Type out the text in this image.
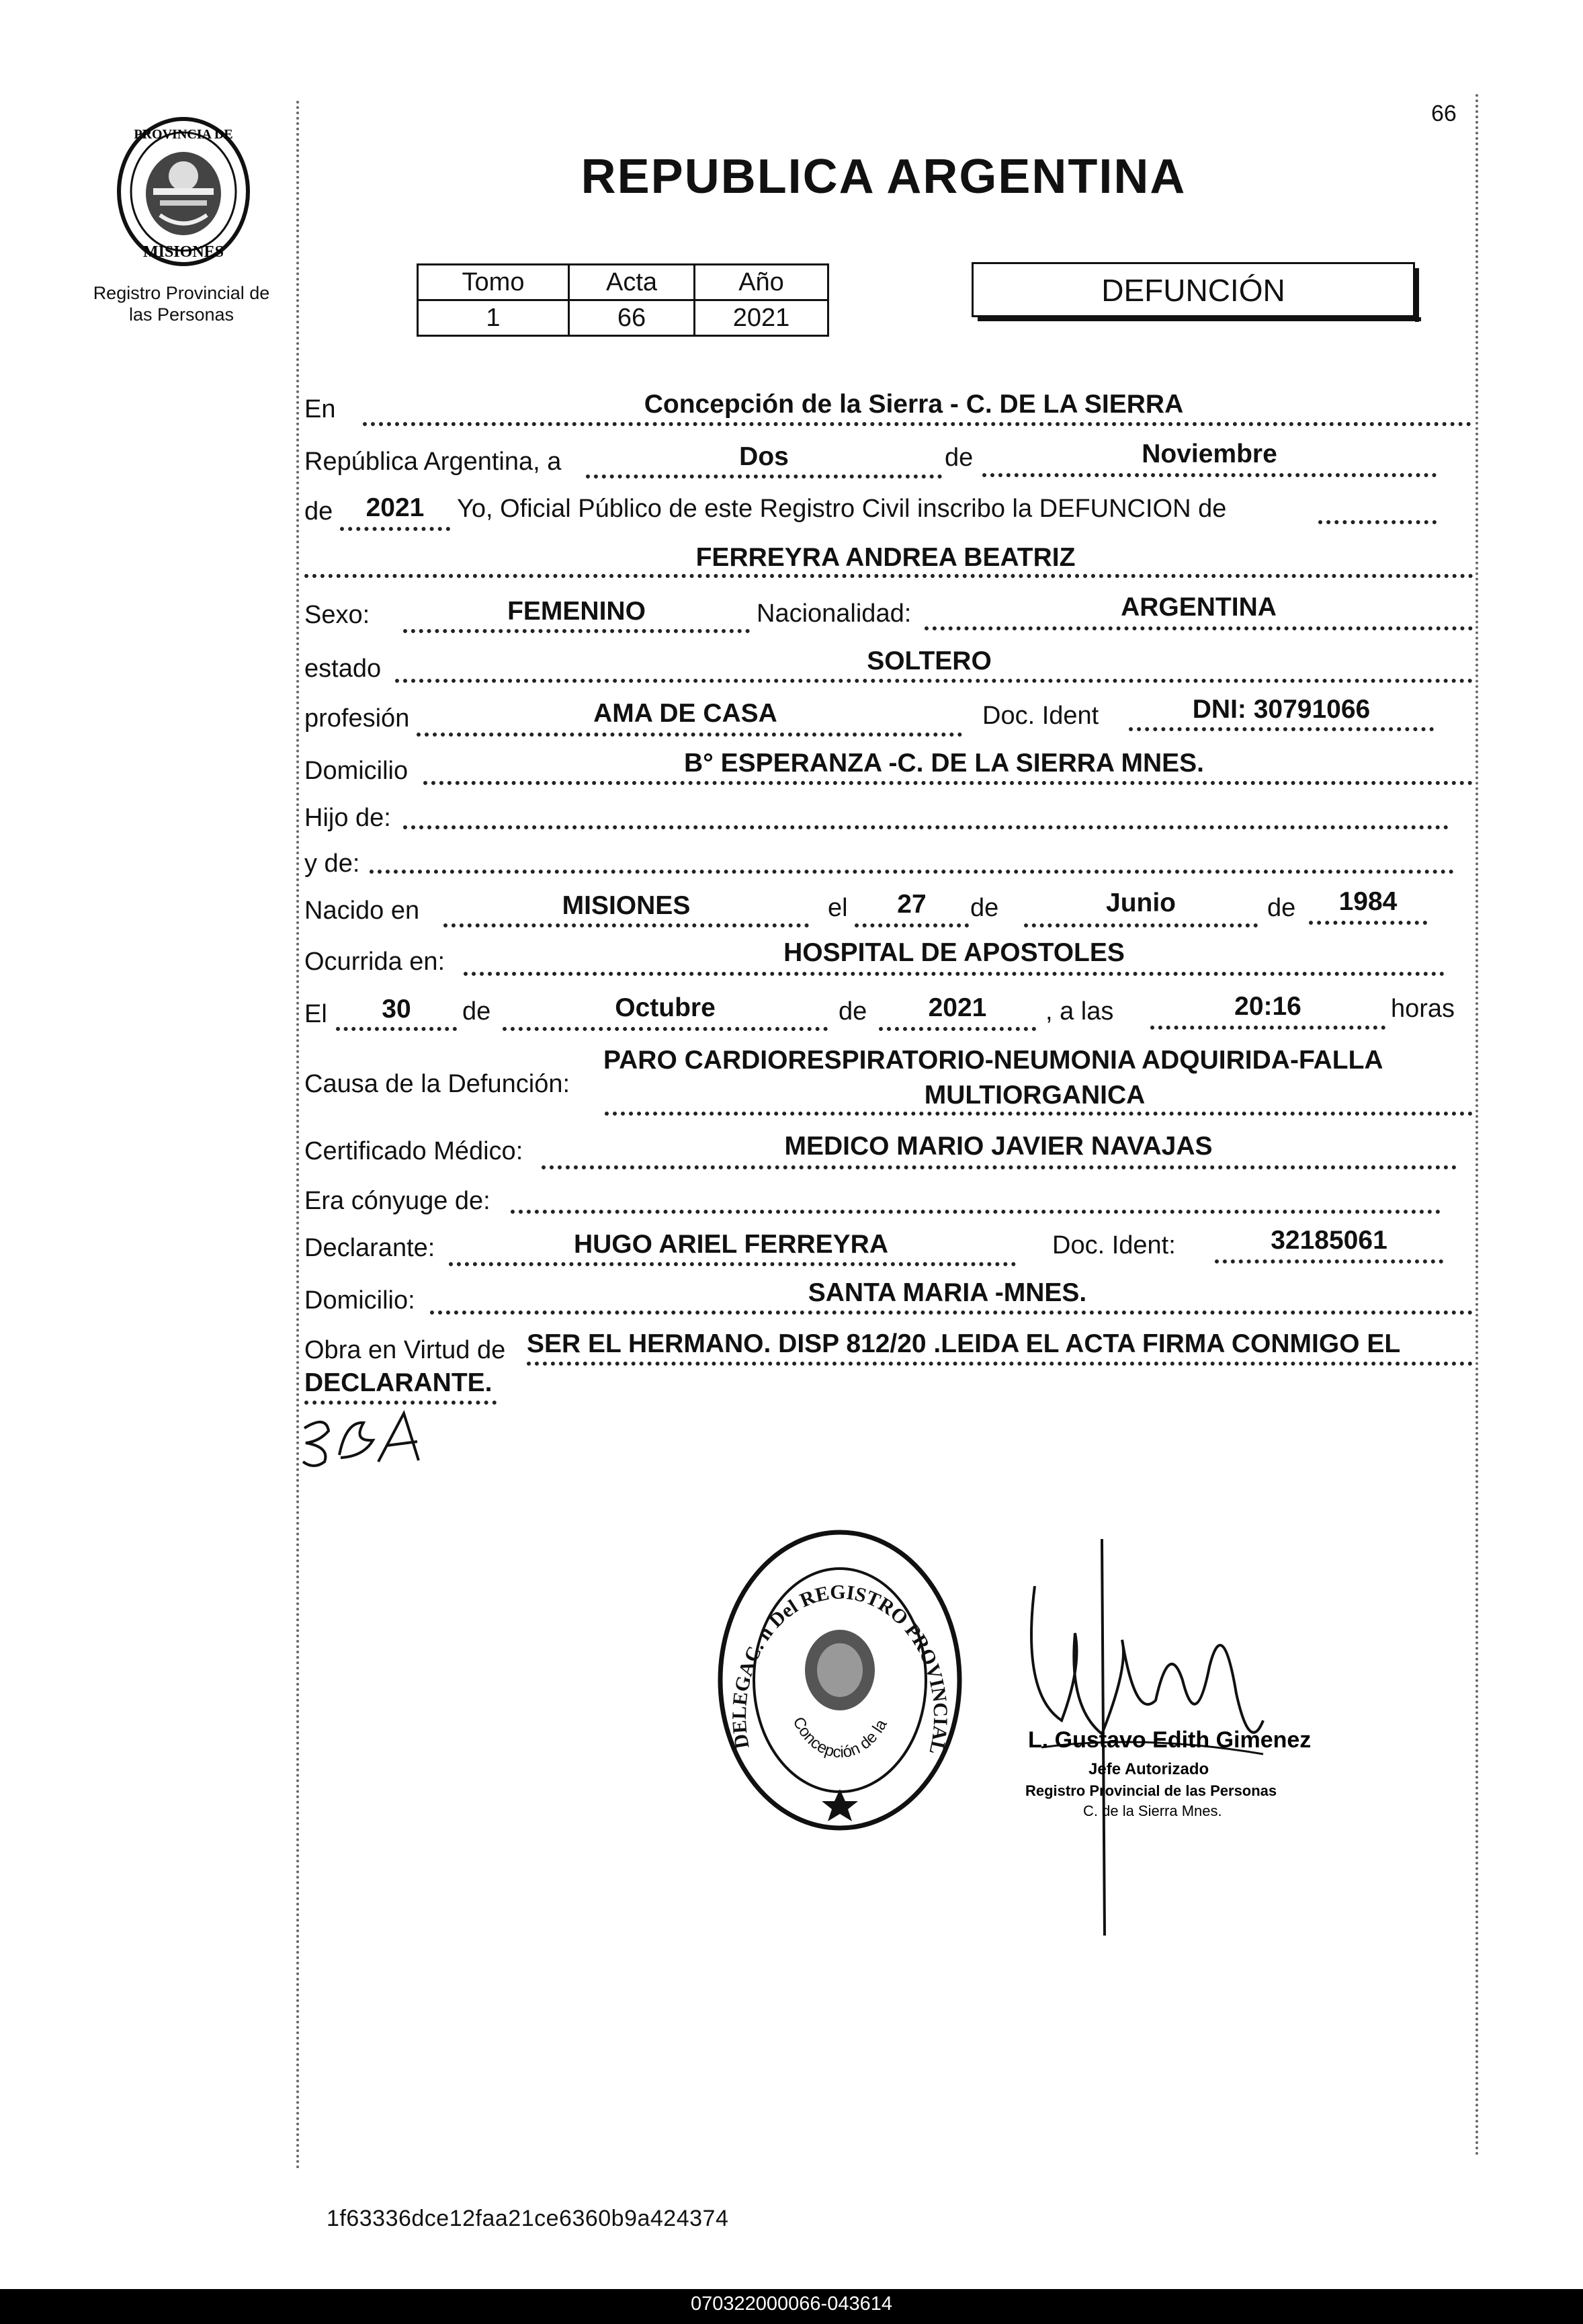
PROVINCIA DE
MISIONES
Registro Provincial de
las Personas
66
REPUBLICA ARGENTINA
Tomo	Acta	Año
1	66	2021
DEFUNCIÓN
En	Concepción de la Sierra - C. DE LA SIERRA
República Argentina, a	Dos	de	Noviembre
de	2021	Yo, Oficial Público de este Registro Civil inscribo la DEFUNCION de
FERREYRA ANDREA BEATRIZ
Sexo:	FEMENINO	Nacionalidad:	ARGENTINA
estado	SOLTERO
profesión	AMA DE CASA	Doc. Ident	DNI: 30791066
Domicilio	B° ESPERANZA -C. DE LA SIERRA MNES.
Hijo de:
y de:
Nacido en	MISIONES	el	27	de	Junio	de	1984
Ocurrida en:	HOSPITAL DE APOSTOLES
El	30	de	Octubre	de	2021	, a las	20:16	horas
Causa de la Defunción:
PARO CARDIORESPIRATORIO-NEUMONIA ADQUIRIDA-FALLA
MULTIORGANICA
Certificado Médico:	MEDICO MARIO JAVIER NAVAJAS
Era cónyuge de:
Declarante:	HUGO ARIEL FERREYRA	Doc. Ident:	32185061
Domicilio:	SANTA MARIA -MNES.
Obra en Virtud de SER EL HERMANO. DISP 812/20 .LEIDA EL ACTA FIRMA CONMIGO EL
DECLARANTE.
DELEGAC. n Del REGISTRO PROVINCIAL
Concepción de la
L. Gustavo Edith Gimenez
Jefe Autorizado
Registro Provincial de las Personas
C. de la Sierra Mnes.
1f63336dce12faa21ce6360b9a424374
070322000066-043614
